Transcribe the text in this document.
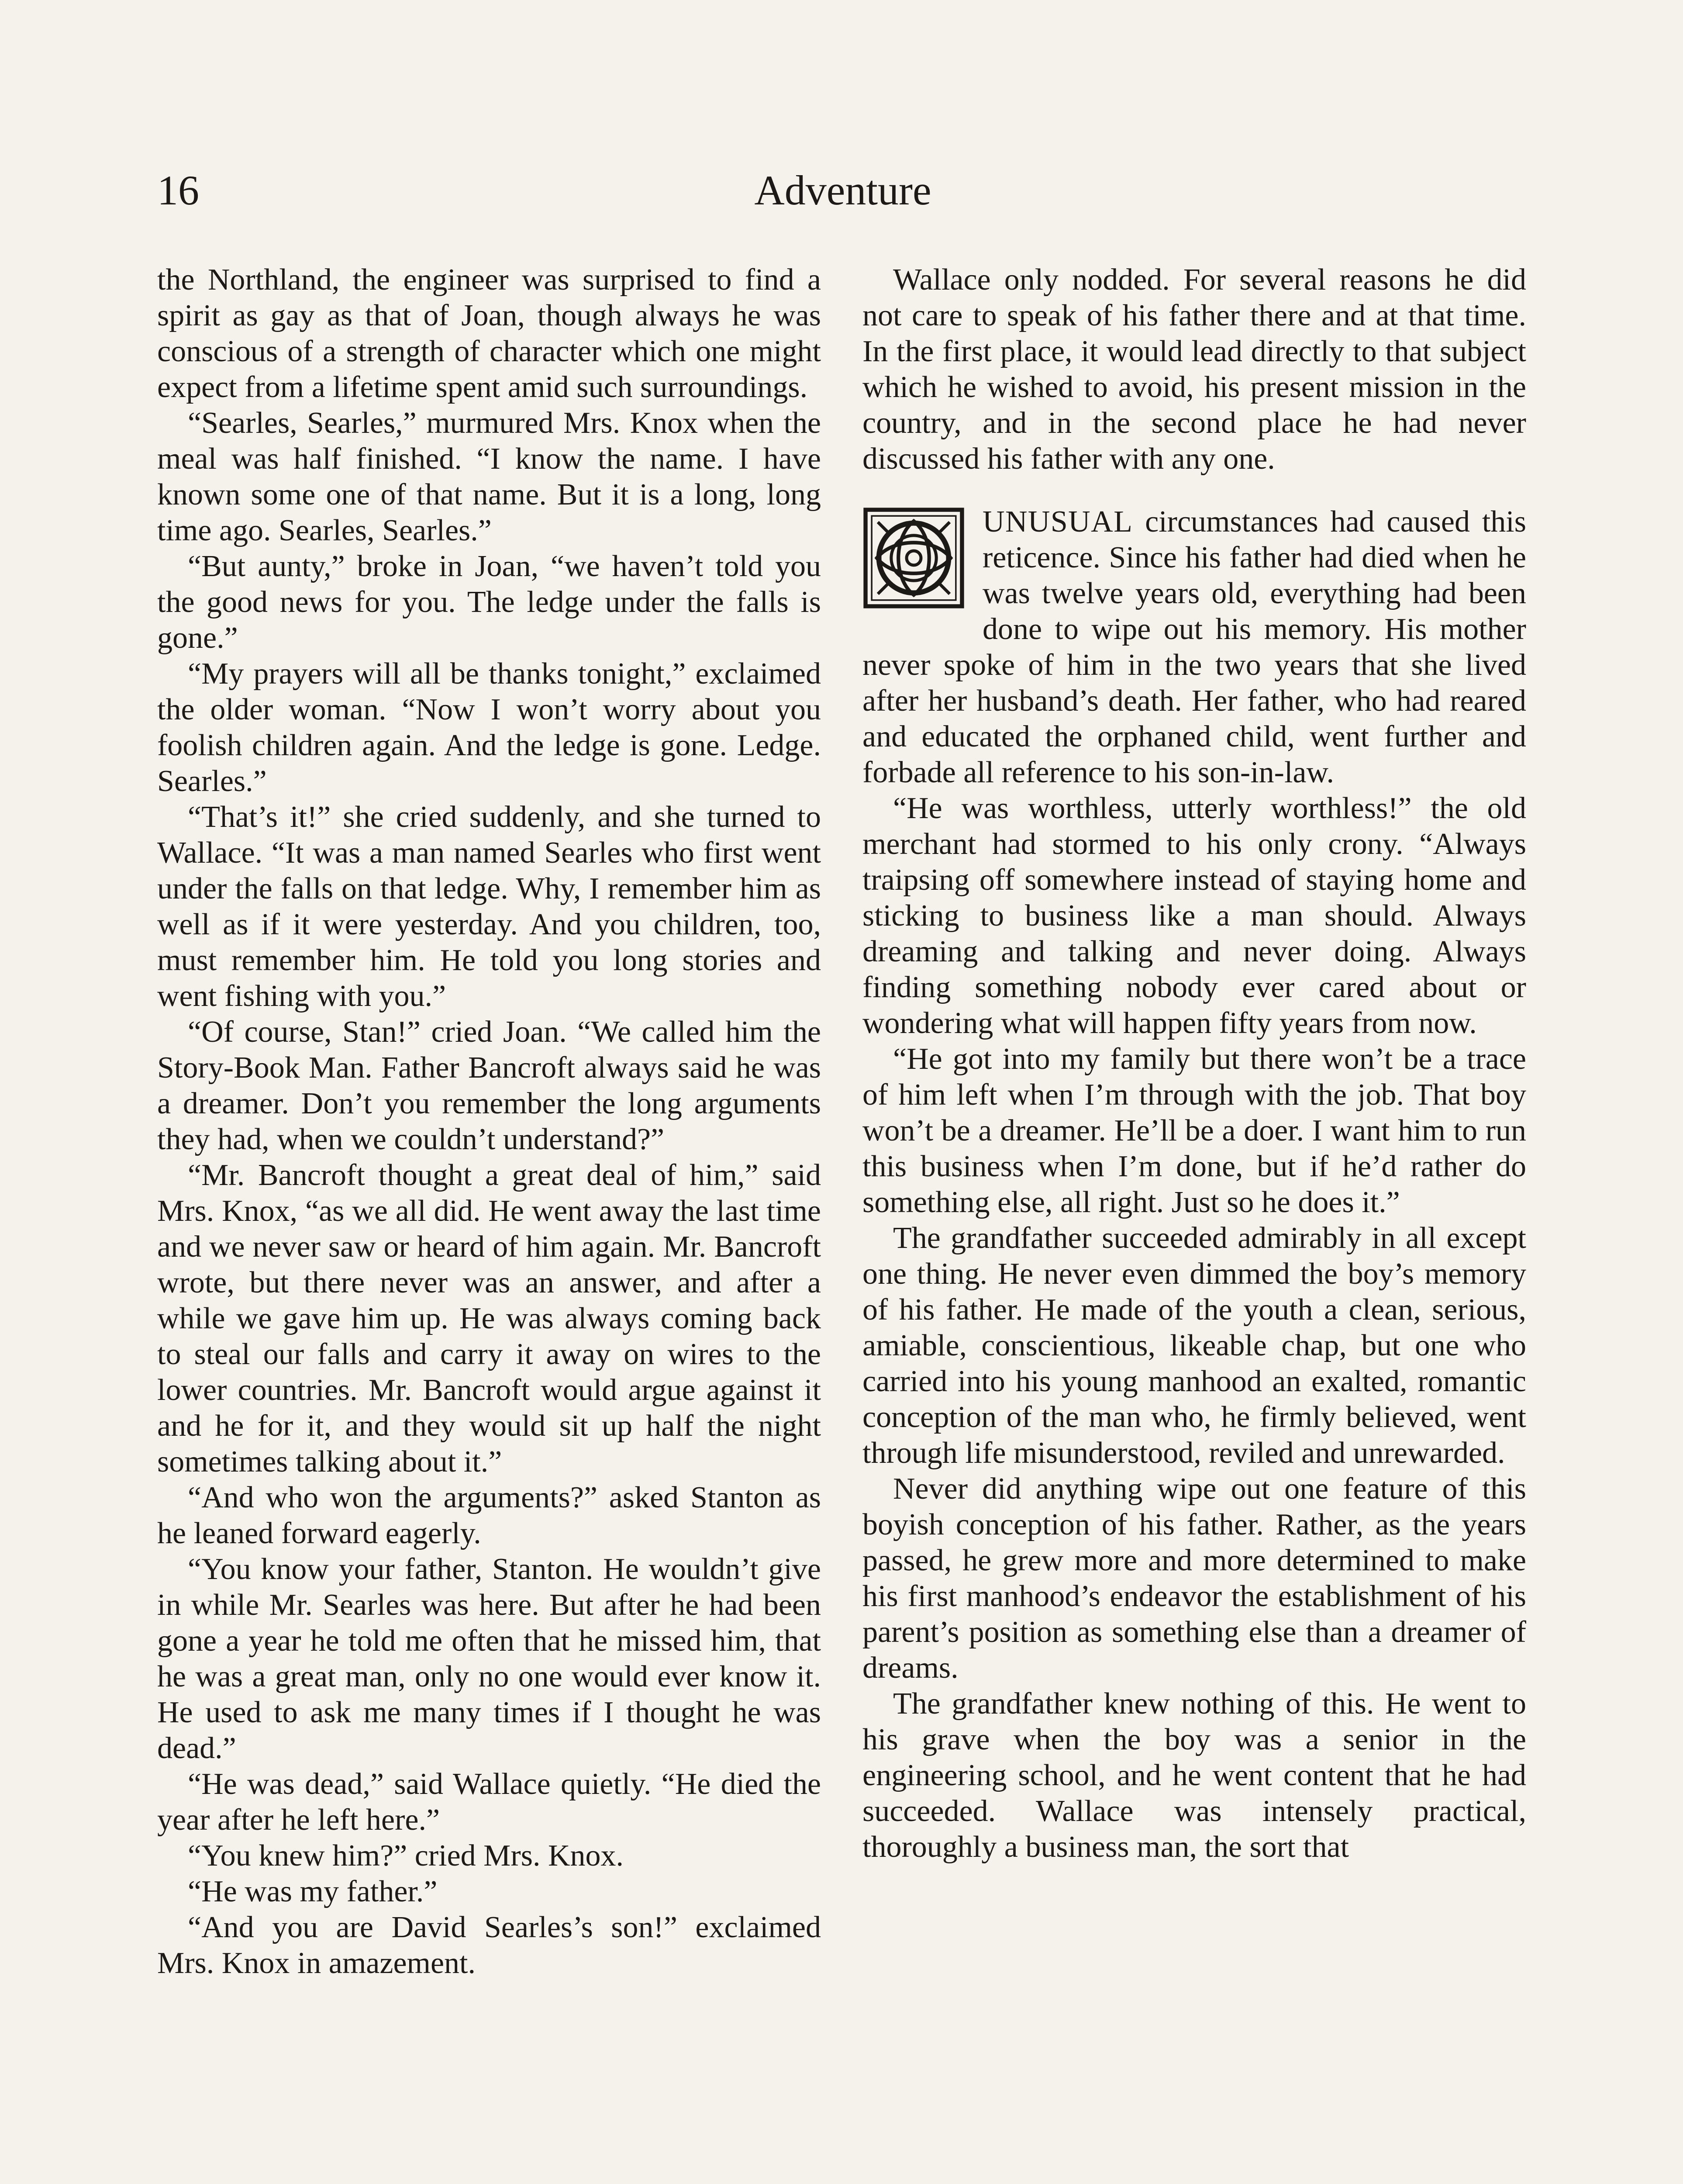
16	Adventure

the Northland, the engineer was surprised to find a spirit as gay as that of Joan, though always he was conscious of a strength of character which one might expect from a lifetime spent amid such surroundings.

“Searles, Searles,” murmured Mrs. Knox when the meal was half finished. “I know the name. I have known some one of that name. But it is a long, long time ago. Searles, Searles.”

“But aunty,” broke in Joan, “we haven’t told you the good news for you. The ledge under the falls is gone.”

“My prayers will all be thanks tonight,” exclaimed the older woman. “Now I won’t worry about you foolish children again. And the ledge is gone. Ledge. Searles.”

“That’s it!” she cried suddenly, and she turned to Wallace. “It was a man named Searles who first went under the falls on that ledge. Why, I remember him as well as if it were yesterday. And you children, too, must remember him. He told you long stories and went fishing with you.”

“Of course, Stan!” cried Joan. “We called him the Story-Book Man. Father Bancroft always said he was a dreamer. Don’t you remember the long arguments they had, when we couldn’t understand?”

“Mr. Bancroft thought a great deal of him,” said Mrs. Knox, “as we all did. He went away the last time and we never saw or heard of him again. Mr. Bancroft wrote, but there never was an answer, and after a while we gave him up. He was always coming back to steal our falls and carry it away on wires to the lower countries. Mr. Bancroft would argue against it and he for it, and they would sit up half the night sometimes talking about it.”

“And who won the arguments?” asked Stanton as he leaned forward eagerly.

“You know your father, Stanton. He wouldn’t give in while Mr. Searles was here. But after he had been gone a year he told me often that he missed him, that he was a great man, only no one would ever know it. He used to ask me many times if I thought he was dead.”

“He was dead,” said Wallace quietly. “He died the year after he left here.”

“You knew him?” cried Mrs. Knox.

“He was my father.”

“And you are David Searles’s son!” exclaimed Mrs. Knox in amazement.

Wallace only nodded. For several reasons he did not care to speak of his father there and at that time. In the first place, it would lead directly to that subject which he wished to avoid, his present mission in the country, and in the second place he had never discussed his father with any one.

UNUSUAL circumstances had caused this reticence. Since his father had died when he was twelve years old, everything had been done to wipe out his memory. His mother never spoke of him in the two years that she lived after her husband’s death. Her father, who had reared and educated the orphaned child, went further and forbade all reference to his son-in-law.

“He was worthless, utterly worthless!” the old merchant had stormed to his only crony. “Always traipsing off somewhere instead of staying home and sticking to business like a man should. Always dreaming and talking and never doing. Always finding something nobody ever cared about or wondering what will happen fifty years from now.

“He got into my family but there won’t be a trace of him left when I’m through with the job. That boy won’t be a dreamer. He’ll be a doer. I want him to run this business when I’m done, but if he’d rather do something else, all right. Just so he does it.”

The grandfather succeeded admirably in all except one thing. He never even dimmed the boy’s memory of his father. He made of the youth a clean, serious, amiable, conscientious, likeable chap, but one who carried into his young manhood an exalted, romantic conception of the man who, he firmly believed, went through life misunderstood, reviled and unrewarded.

Never did anything wipe out one feature of this boyish conception of his father. Rather, as the years passed, he grew more and more determined to make his first manhood’s endeavor the establishment of his parent’s position as something else than a dreamer of dreams.

The grandfather knew nothing of this. He went to his grave when the boy was a senior in the engineering school, and he went content that he had succeeded. Wallace was intensely practical, thoroughly a business man, the sort that
